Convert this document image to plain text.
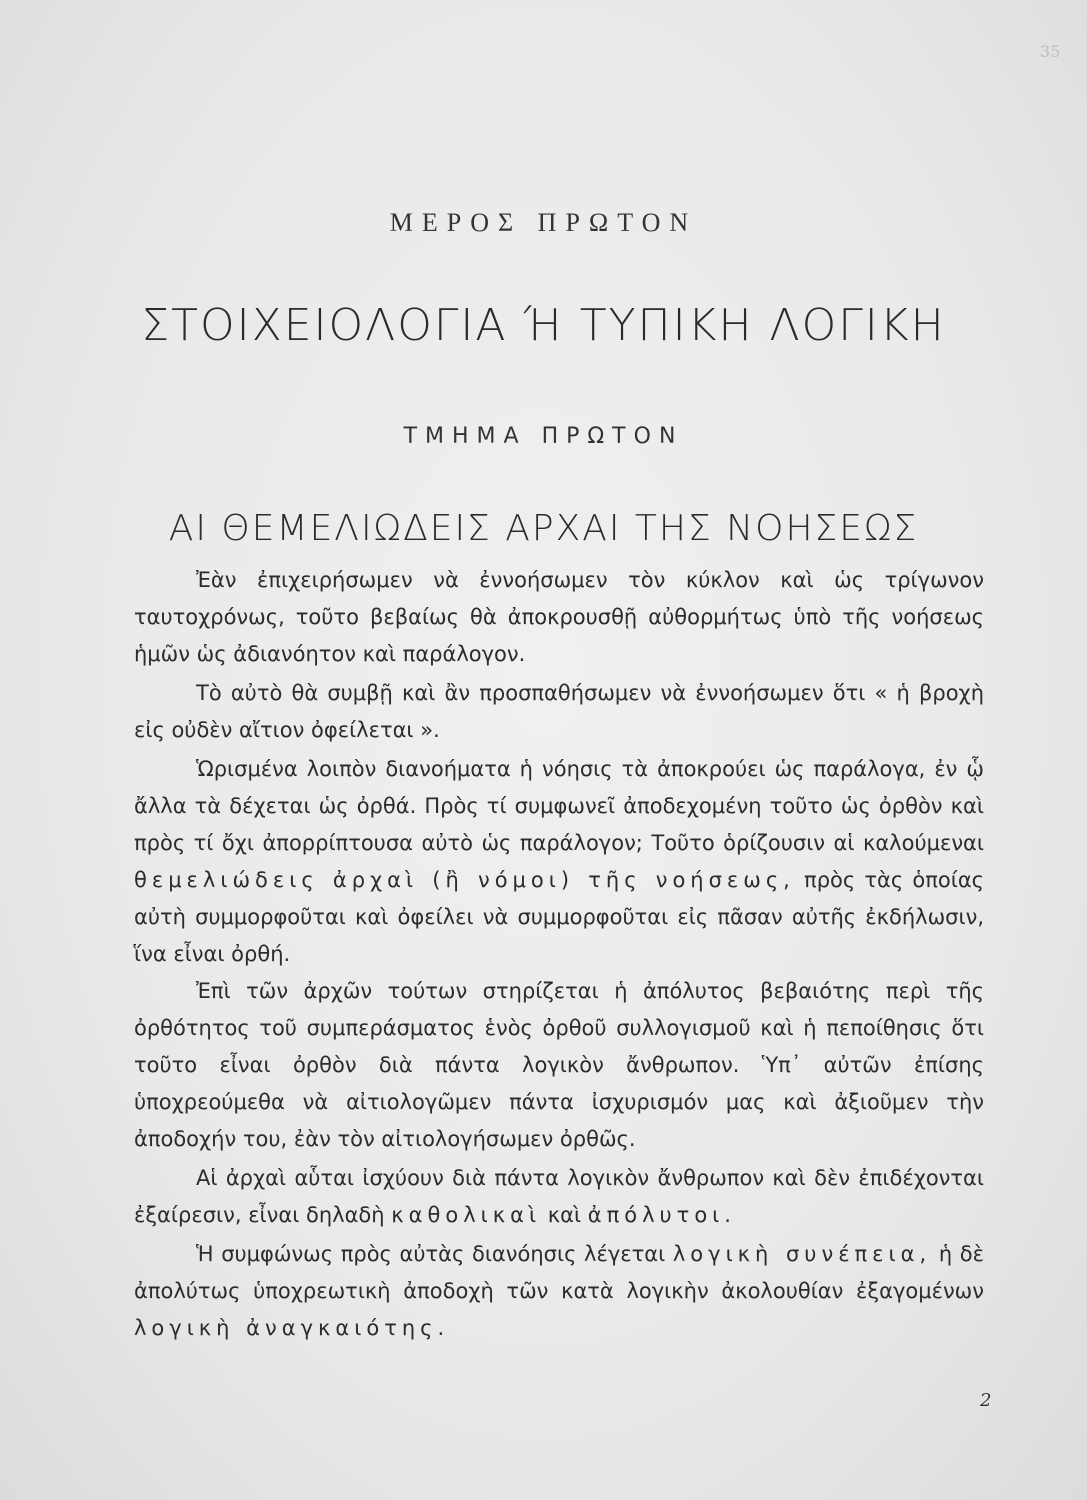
35
ΜΕΡΟΣ ΠΡΩΤΟΝ
ΣΤΟΙΧΕΙΟΛΟΓΙΑ Ή ΤΥΠΙΚΗ ΛΟΓΙΚΗ
ΤΜΗΜΑ ΠΡΩΤΟΝ
ΑΙ ΘΕΜΕΛΙΩΔΕΙΣ ΑΡΧΑΙ ΤΗΣ ΝΟΗΣΕΩΣ

Ἐὰν ἐπιχειρήσωμεν νὰ ἐννοήσωμεν τὸν κύκλον καὶ ὡς τρίγωνον ταυτοχρόνως, τοῦτο βεβαίως θὰ ἀποκρουσθῇ αὐθορμήτως ὑπὸ τῆς νοήσεως ἡμῶν ὡς ἀδιανόητον καὶ παράλογον.

Τὸ αὐτὸ θὰ συμβῇ καὶ ἂν προσπαθήσωμεν νὰ ἐννοήσωμεν ὅτι « ἡ βροχὴ εἰς οὐδὲν αἴτιον ὀφείλεται ».

Ὡρισμένα λοιπὸν διανοήματα ἡ νόησις τὰ ἀποκρούει ὡς παράλογα, ἐν ᾧ ἄλλα τὰ δέχεται ὡς ὀρθά. Πρὸς τί συμφωνεῖ ἀποδεχομένη τοῦτο ὡς ὀρθὸν καὶ πρὸς τί ὄχι ἀπορρίπτουσα αὐτὸ ὡς παράλογον; Τοῦτο ὁρίζουσιν αἱ καλούμεναι θεμελιώδεις ἀρχαὶ (ἢ νόμοι) τῆς νοήσεως, πρὸς τὰς ὁποίας αὐτὴ συμμορφοῦται καὶ ὀφείλει νὰ συμμορφοῦται εἰς πᾶσαν αὐτῆς ἐκδήλωσιν, ἵνα εἶναι ὀρθή.

Ἐπὶ τῶν ἀρχῶν τούτων στηρίζεται ἡ ἀπόλυτος βεβαιότης περὶ τῆς ὀρθότητος τοῦ συμπεράσματος ἑνὸς ὀρθοῦ συλλογισμοῦ καὶ ἡ πεποίθησις ὅτι τοῦτο εἶναι ὀρθὸν διὰ πάντα λογικὸν ἄνθρωπον. Ὑπ᾽ αὐτῶν ἐπίσης ὑποχρεούμεθα νὰ αἰτιολογῶμεν πάντα ἰσχυρισμόν μας καὶ ἀξιοῦμεν τὴν ἀποδοχήν του, ἐὰν τὸν αἰτιολογήσωμεν ὀρθῶς.

Αἱ ἀρχαὶ αὗται ἰσχύουν διὰ πάντα λογικὸν ἄνθρωπον καὶ δὲν ἐπιδέχονται ἐξαίρεσιν, εἶναι δηλαδὴ καθολικαὶ καὶ ἀπόλυτοι.

Ἡ συμφώνως πρὸς αὐτὰς διανόησις λέγεται λογικὴ συνέπεια, ἡ δὲ ἀπολύτως ὑποχρεωτικὴ ἀποδοχὴ τῶν κατὰ λογικὴν ἀκολουθίαν ἐξαγομένων λογικὴ ἀναγκαιότης.

2
